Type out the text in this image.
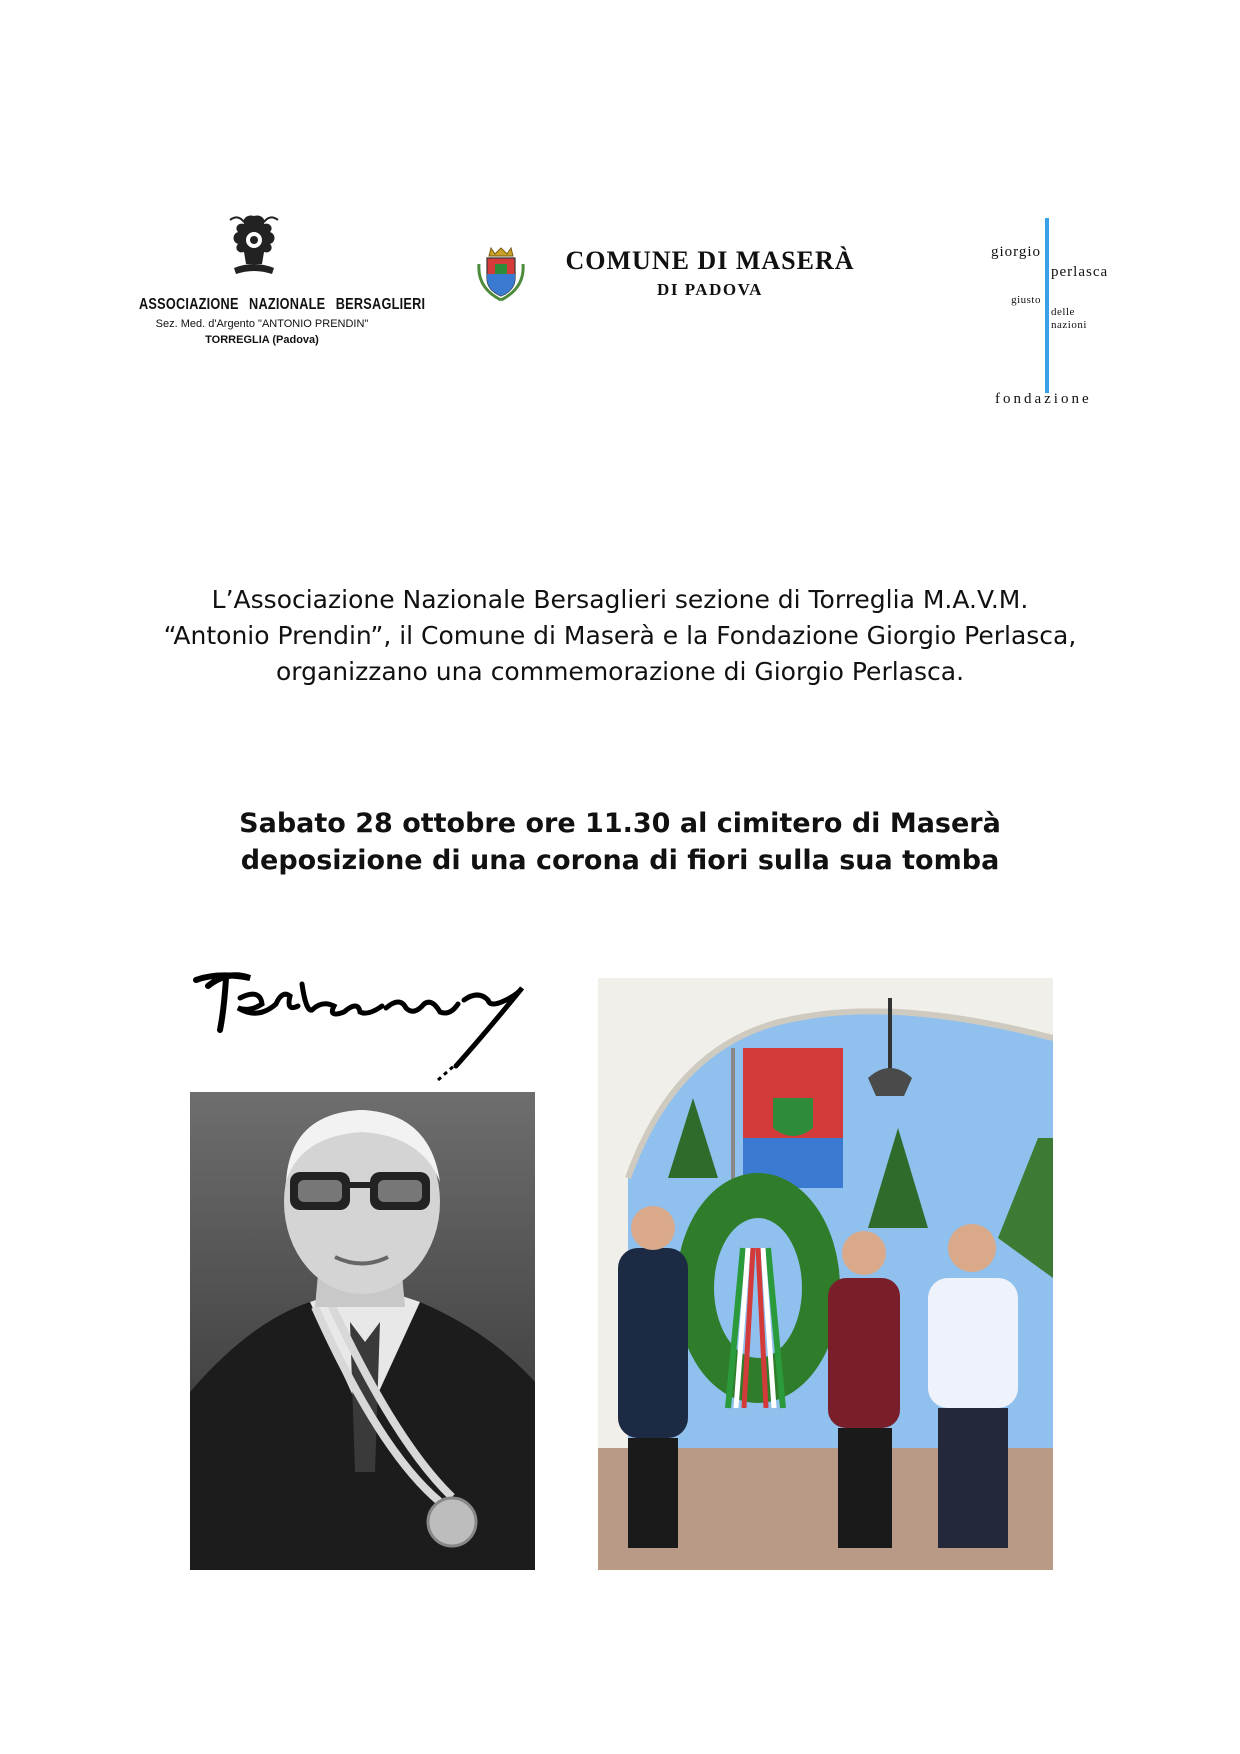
ASSOCIAZIONE NAZIONALE BERSAGLIERI
Sez. Med. d'Argento "ANTONIO PRENDIN"
TORREGLIA (Padova)
COMUNE DI MASERÀ
DI PADOVA
giorgio
perlasca
giusto
delle
nazioni
fondazione
L’Associazione Nazionale Bersaglieri sezione di Torreglia M.A.V.M.
“Antonio Prendin”, il Comune di Maserà e la Fondazione Giorgio Perlasca,
organizzano una commemorazione di Giorgio Perlasca.
Sabato 28 ottobre ore 11.30 al cimitero di Maserà
deposizione di una corona di fiori sulla sua tomba
